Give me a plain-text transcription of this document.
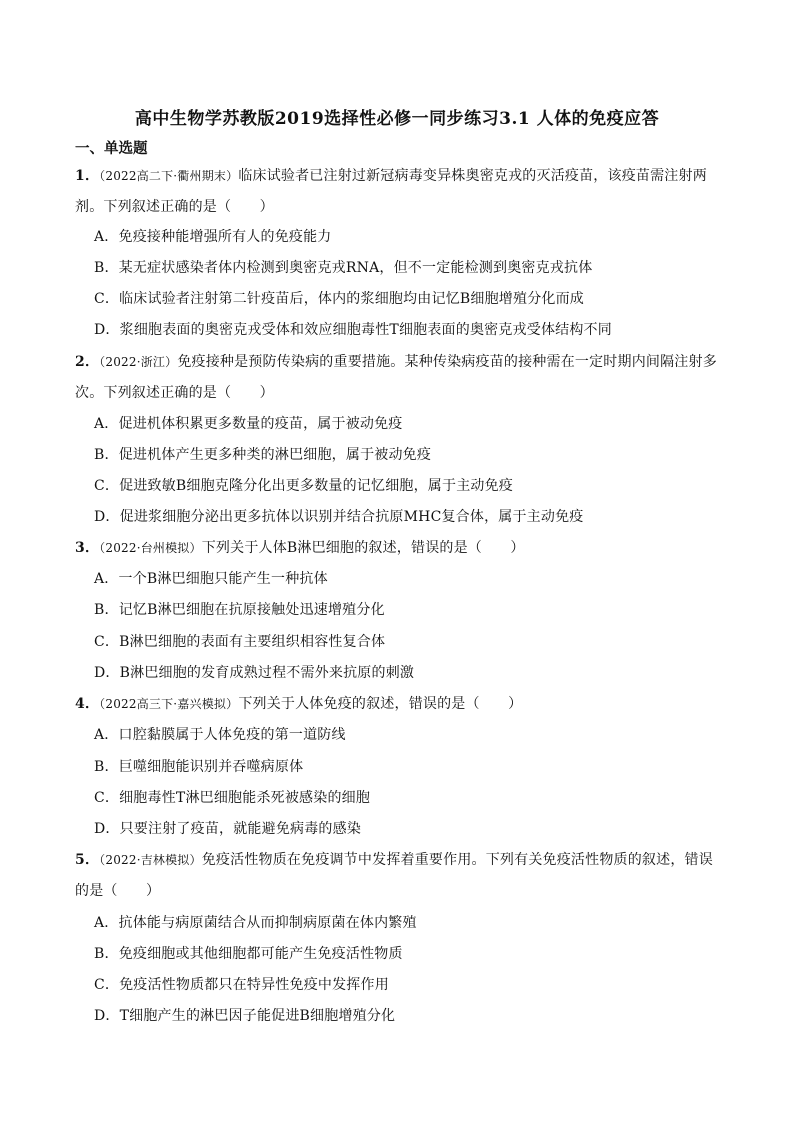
高中生物学苏教版2019选择性必修一同步练习3.1 人体的免疫应答
一、单选题
1．（2022高二下·衢州期末）临床试验者已注射过新冠病毒变异株奥密克戎的灭活疫苗，该疫苗需注射两剂。下列叙述正确的是（　　）
A．免疫接种能增强所有人的免疫能力
B．某无症状感染者体内检测到奥密克戎RNA，但不一定能检测到奥密克戎抗体
C．临床试验者注射第二针疫苗后，体内的浆细胞均由记忆B细胞增殖分化而成
D．浆细胞表面的奥密克戎受体和效应细胞毒性T细胞表面的奥密克戎受体结构不同
2．（2022·浙江）免疫接种是预防传染病的重要措施。某种传染病疫苗的接种需在一定时期内间隔注射多次。下列叙述正确的是（　　）
A．促进机体积累更多数量的疫苗，属于被动免疫
B．促进机体产生更多种类的淋巴细胞，属于被动免疫
C．促进致敏B细胞克隆分化出更多数量的记忆细胞，属于主动免疫
D．促进浆细胞分泌出更多抗体以识别并结合抗原MHC复合体，属于主动免疫
3．（2022·台州模拟）下列关于人体B淋巴细胞的叙述，错误的是（　　）
A．一个B淋巴细胞只能产生一种抗体
B．记忆B淋巴细胞在抗原接触处迅速增殖分化
C．B淋巴细胞的表面有主要组织相容性复合体
D．B淋巴细胞的发育成熟过程不需外来抗原的刺激
4．（2022高三下·嘉兴模拟）下列关于人体免疫的叙述，错误的是（　　）
A．口腔黏膜属于人体免疫的第一道防线
B．巨噬细胞能识别并吞噬病原体
C．细胞毒性T淋巴细胞能杀死被感染的细胞
D．只要注射了疫苗，就能避免病毒的感染
5．（2022·吉林模拟）免疫活性物质在免疫调节中发挥着重要作用。下列有关免疫活性物质的叙述，错误的是（　　）
A．抗体能与病原菌结合从而抑制病原菌在体内繁殖
B．免疫细胞或其他细胞都可能产生免疫活性物质
C．免疫活性物质都只在特异性免疫中发挥作用
D．T细胞产生的淋巴因子能促进B细胞增殖分化
